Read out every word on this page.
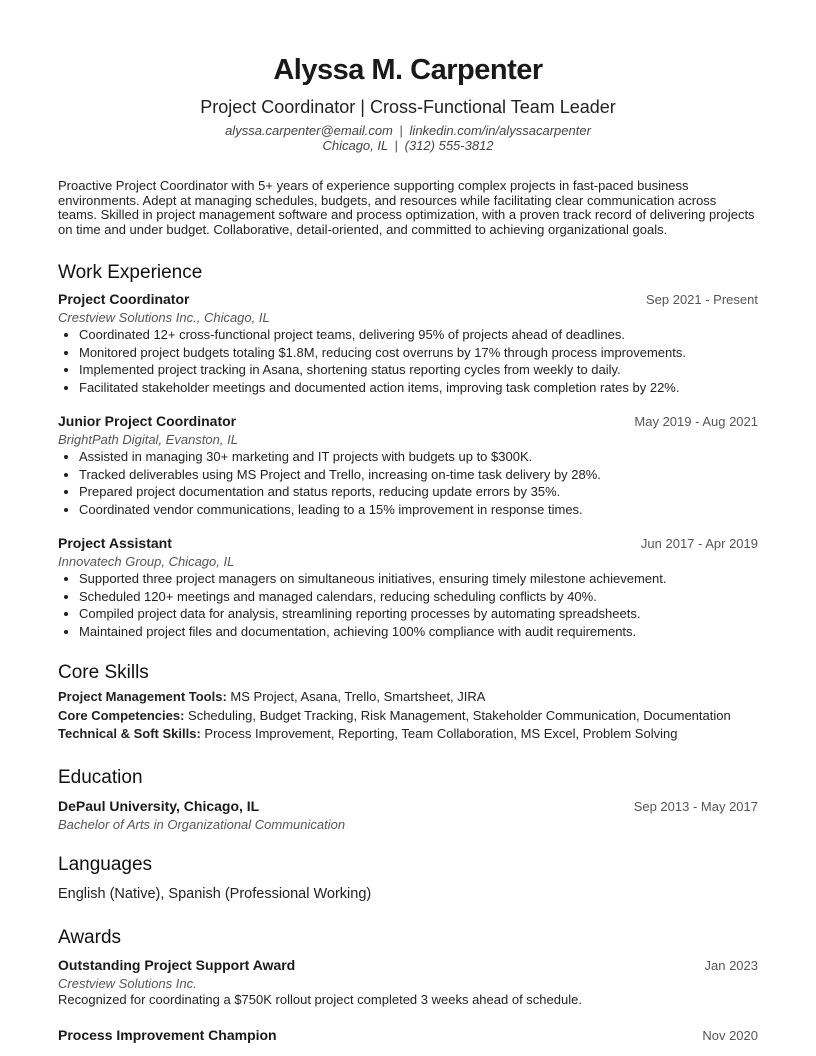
Alyssa M. Carpenter
Project Coordinator | Cross-Functional Team Leader
alyssa.carpenter@email.com | linkedin.com/in/alyssacarpenter
Chicago, IL | (312) 555-3812
Proactive Project Coordinator with 5+ years of experience supporting complex projects in fast-paced business environments. Adept at managing schedules, budgets, and resources while facilitating clear communication across teams. Skilled in project management software and process optimization, with a proven track record of delivering projects on time and under budget. Collaborative, detail-oriented, and committed to achieving organizational goals.
Work Experience
Project Coordinator	Sep 2021 - Present
Crestview Solutions Inc., Chicago, IL
• Coordinated 12+ cross-functional project teams, delivering 95% of projects ahead of deadlines.
• Monitored project budgets totaling $1.8M, reducing cost overruns by 17% through process improvements.
• Implemented project tracking in Asana, shortening status reporting cycles from weekly to daily.
• Facilitated stakeholder meetings and documented action items, improving task completion rates by 22%.
Junior Project Coordinator	May 2019 - Aug 2021
BrightPath Digital, Evanston, IL
• Assisted in managing 30+ marketing and IT projects with budgets up to $300K.
• Tracked deliverables using MS Project and Trello, increasing on-time task delivery by 28%.
• Prepared project documentation and status reports, reducing update errors by 35%.
• Coordinated vendor communications, leading to a 15% improvement in response times.
Project Assistant	Jun 2017 - Apr 2019
Innovatech Group, Chicago, IL
• Supported three project managers on simultaneous initiatives, ensuring timely milestone achievement.
• Scheduled 120+ meetings and managed calendars, reducing scheduling conflicts by 40%.
• Compiled project data for analysis, streamlining reporting processes by automating spreadsheets.
• Maintained project files and documentation, achieving 100% compliance with audit requirements.
Core Skills
Project Management Tools: MS Project, Asana, Trello, Smartsheet, JIRA
Core Competencies: Scheduling, Budget Tracking, Risk Management, Stakeholder Communication, Documentation
Technical & Soft Skills: Process Improvement, Reporting, Team Collaboration, MS Excel, Problem Solving
Education
DePaul University, Chicago, IL	Sep 2013 - May 2017
Bachelor of Arts in Organizational Communication
Languages
English (Native), Spanish (Professional Working)
Awards
Outstanding Project Support Award	Jan 2023
Crestview Solutions Inc.
Recognized for coordinating a $750K rollout project completed 3 weeks ahead of schedule.
Process Improvement Champion	Nov 2020
